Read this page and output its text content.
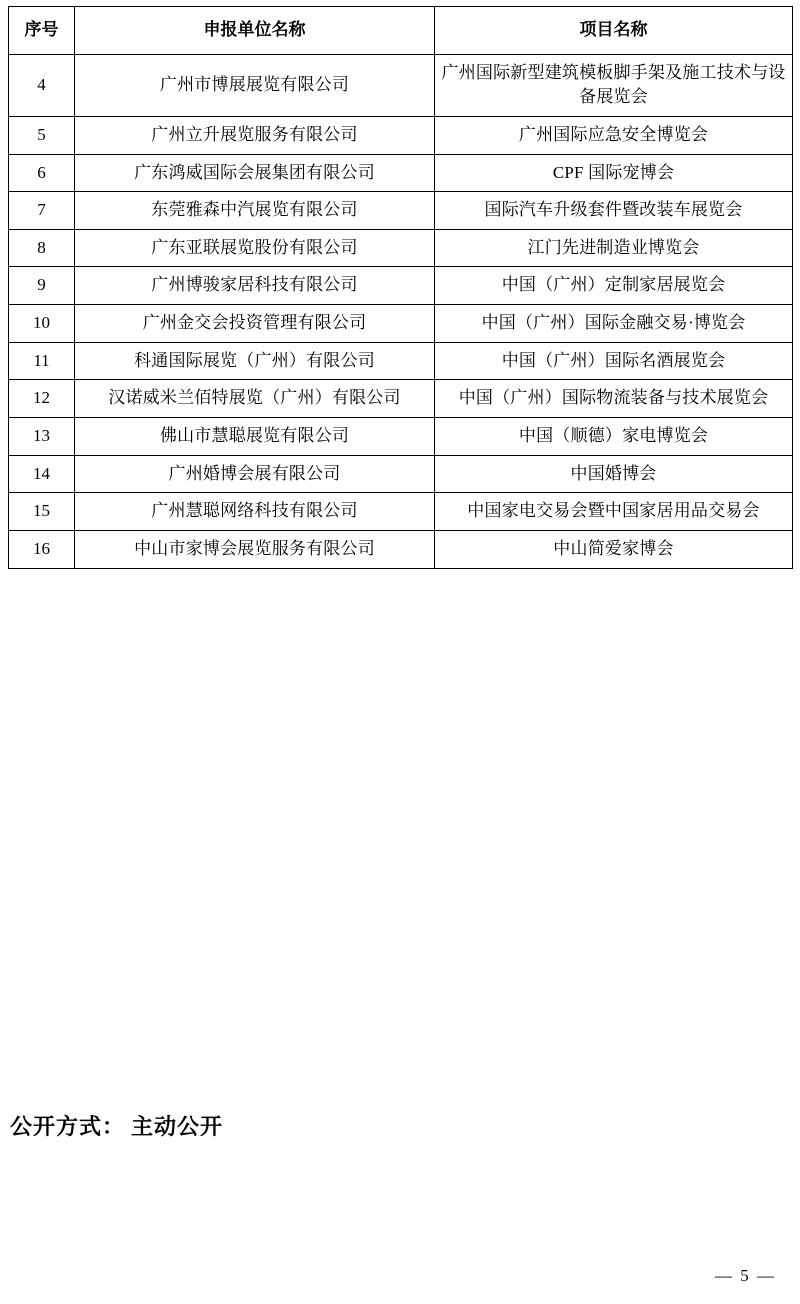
序号	申报单位名称	项目名称
4	广州市博展展览有限公司	广州国际新型建筑模板脚手架及施工技术与设备展览会
5	广州立升展览服务有限公司	广州国际应急安全博览会
6	广东鸿威国际会展集团有限公司	CPF 国际宠博会
7	东莞雅森中汽展览有限公司	国际汽车升级套件暨改装车展览会
8	广东亚联展览股份有限公司	江门先进制造业博览会
9	广州博骏家居科技有限公司	中国（广州）定制家居展览会
10	广州金交会投资管理有限公司	中国（广州）国际金融交易·博览会
11	科通国际展览（广州）有限公司	中国（广州）国际名酒展览会
12	汉诺威米兰佰特展览（广州）有限公司	中国（广州）国际物流装备与技术展览会
13	佛山市慧聪展览有限公司	中国（顺德）家电博览会
14	广州婚博会展有限公司	中国婚博会
15	广州慧聪网络科技有限公司	中国家电交易会暨中国家居用品交易会
16	中山市家博会展览服务有限公司	中山简爱家博会
公开方式： 主动公开
— 5 —
